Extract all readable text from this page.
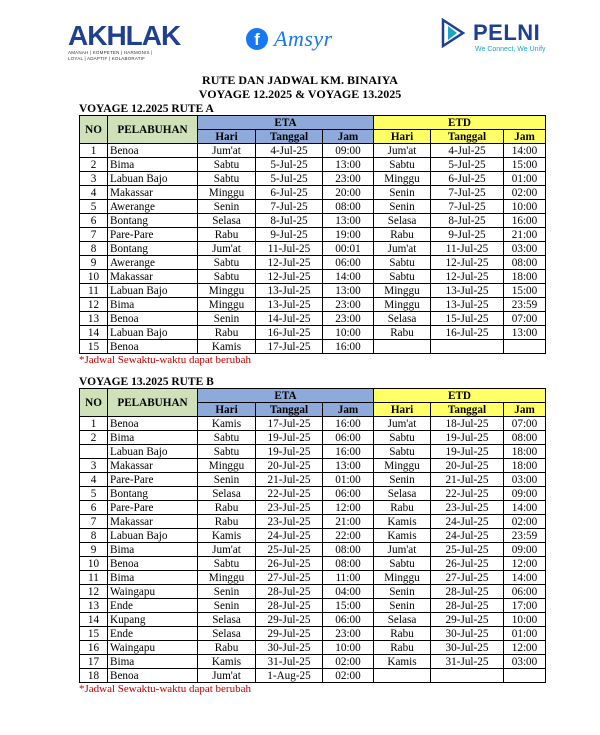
AKHLAK
AMANAH | KOMPETEN | HARMONIS | LOYAL | ADAPTIF | KOLABORATIF
f Amsyr	PELNI
We Connect, We Unify
RUTE DAN JADWAL KM. BINAIYA
VOYAGE 12.2025 & VOYAGE 13.2025
VOYAGE 12.2025 RUTE A
NO	PELABUHAN	ETA			ETD		
		Hari	Tanggal	Jam	Hari	Tanggal	Jam
1	Benoa	Jum'at	4-Jul-25	09:00	Jum'at	4-Jul-25	14:00
2	Bima	Sabtu	5-Jul-25	13:00	Sabtu	5-Jul-25	15:00
3	Labuan Bajo	Sabtu	5-Jul-25	23:00	Minggu	6-Jul-25	01:00
4	Makassar	Minggu	6-Jul-25	20:00	Senin	7-Jul-25	02:00
5	Awerange	Senin	7-Jul-25	08:00	Senin	7-Jul-25	10:00
6	Bontang	Selasa	8-Jul-25	13:00	Selasa	8-Jul-25	16:00
7	Pare-Pare	Rabu	9-Jul-25	19:00	Rabu	9-Jul-25	21:00
8	Bontang	Jum'at	11-Jul-25	00:01	Jum'at	11-Jul-25	03:00
9	Awerange	Sabtu	12-Jul-25	06:00	Sabtu	12-Jul-25	08:00
10	Makassar	Sabtu	12-Jul-25	14:00	Sabtu	12-Jul-25	18:00
11	Labuan Bajo	Minggu	13-Jul-25	13:00	Minggu	13-Jul-25	15:00
12	Bima	Minggu	13-Jul-25	23:00	Minggu	13-Jul-25	23:59
13	Benoa	Senin	14-Jul-25	23:00	Selasa	15-Jul-25	07:00
14	Labuan Bajo	Rabu	16-Jul-25	10:00	Rabu	16-Jul-25	13:00
15	Benoa	Kamis	17-Jul-25	16:00			
*Jadwal Sewaktu-waktu dapat berubah
VOYAGE 13.2025 RUTE B
NO	PELABUHAN	ETA			ETD		
		Hari	Tanggal	Jam	Hari	Tanggal	Jam
1	Benoa	Kamis	17-Jul-25	16:00	Jum'at	18-Jul-25	07:00
2	Bima	Sabtu	19-Jul-25	06:00	Sabtu	19-Jul-25	08:00
	Labuan Bajo	Sabtu	19-Jul-25	16:00	Sabtu	19-Jul-25	18:00
3	Makassar	Minggu	20-Jul-25	13:00	Minggu	20-Jul-25	18:00
4	Pare-Pare	Senin	21-Jul-25	01:00	Senin	21-Jul-25	03:00
5	Bontang	Selasa	22-Jul-25	06:00	Selasa	22-Jul-25	09:00
6	Pare-Pare	Rabu	23-Jul-25	12:00	Rabu	23-Jul-25	14:00
7	Makassar	Rabu	23-Jul-25	21:00	Kamis	24-Jul-25	02:00
8	Labuan Bajo	Kamis	24-Jul-25	22:00	Kamis	24-Jul-25	23:59
9	Bima	Jum'at	25-Jul-25	08:00	Jum'at	25-Jul-25	09:00
10	Benoa	Sabtu	26-Jul-25	08:00	Sabtu	26-Jul-25	12:00
11	Bima	Minggu	27-Jul-25	11:00	Minggu	27-Jul-25	14:00
12	Waingapu	Senin	28-Jul-25	04:00	Senin	28-Jul-25	06:00
13	Ende	Senin	28-Jul-25	15:00	Senin	28-Jul-25	17:00
14	Kupang	Selasa	29-Jul-25	06:00	Selasa	29-Jul-25	10:00
15	Ende	Selasa	29-Jul-25	23:00	Rabu	30-Jul-25	01:00
16	Waingapu	Rabu	30-Jul-25	10:00	Rabu	30-Jul-25	12:00
17	Bima	Kamis	31-Jul-25	02:00	Kamis	31-Jul-25	03:00
18	Benoa	Jum'at	1-Aug-25	02:00			
*Jadwal Sewaktu-waktu dapat berubah
